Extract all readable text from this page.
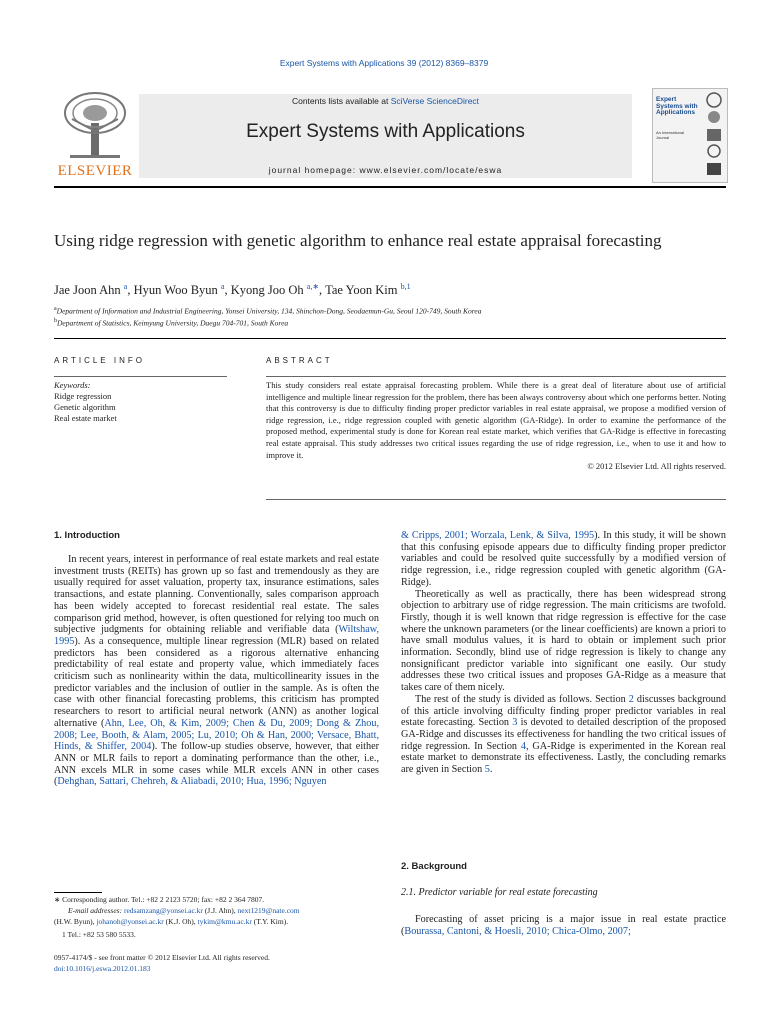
Expert Systems with Applications 39 (2012) 8369–8379
ELSEVIER
Contents lists available at SciVerse ScienceDirect
Expert Systems with Applications
journal homepage: www.elsevier.com/locate/eswa
Expert Systems with Applications
An International Journal
Using ridge regression with genetic algorithm to enhance real estate appraisal forecasting
Jae Joon Ahn $^a$, Hyun Woo Byun $^a$, Kyong Joo Oh $^{a,∗}$, Tae Yoon Kim $^{b,1}$
$^a$Department of Information and Industrial Engineering, Yonsei University, 134, Shinchon-Dong, Seodaemun-Gu, Seoul 120-749, South Korea
$^b$Department of Statistics, Keimyung University, Daegu 704-701, South Korea
ARTICLE INFO	ABSTRACT
Keywords:
Ridge regression
Genetic algorithm
Real estate market
This study considers real estate appraisal forecasting problem. While there is a great deal of literature about use of artificial intelligence and multiple linear regression for the problem, there has been always controversy about which one performs better. Noting that this controversy is due to difficulty finding proper predictor variables in real estate appraisal, we propose a modified version of ridge regression, i.e., ridge regression coupled with genetic algorithm (GA-Ridge). In order to examine the performance of the proposed method, experimental study is done for Korean real estate market, which verifies that GA-Ridge is effective in forecasting real estate appraisal. This study addresses two critical issues regarding the use of ridge regression, i.e., when to use it and how to improve it.
© 2012 Elsevier Ltd. All rights reserved.
1. Introduction

In recent years, interest in performance of real estate markets and real estate investment trusts (REITs) has grown up so fast and tremendously as they are usually required for asset valuation, property tax, insurance estimations, sales transactions, and estate planning. Conventionally, sales comparison approach has been widely accepted to forecast residential real estate. The sales comparison grid method, however, is often questioned for relying too much on subjective judgments for obtaining reliable and verifiable data (Wiltshaw, 1995). As a consequence, multiple linear regression (MLR) based on related predictors has been considered as a rigorous alternative enhancing predictability of real estate and property value, which immediately faces criticism such as nonlinearity within the data, multicollinearity issues in the predictor variables and the inclusion of outlier in the sample. As is often the case with other financial forecasting problems, this criticism has prompted researchers to resort to artificial neural network (ANN) as another logical alternative (Ahn, Lee, Oh, & Kim, 2009; Chen & Du, 2009; Dong & Zhou, 2008; Lee, Booth, & Alam, 2005; Lu, 2010; Oh & Han, 2000; Versace, Bhatt, Hinds, & Shiffer, 2004). The follow-up studies observe, however, that either ANN or MLR fails to report a dominating performance than the other, i.e., ANN excels MLR in some cases while MLR excels ANN in other cases (Dehghan, Sattari, Chehreh, & Aliabadi, 2010; Hua, 1996; Nguyen

& Cripps, 2001; Worzala, Lenk, & Silva, 1995). In this study, it will be shown that this confusing episode appears due to difficulty finding proper predictor variables and could be resolved quite successfully by a modified version of ridge regression, i.e., ridge regression coupled with genetic algorithm (GA-Ridge).

Theoretically as well as practically, there has been widespread strong objection to arbitrary use of ridge regression. The main criticisms are twofold. Firstly, though it is well known that ridge regression is effective for the case where the unknown parameters (or the linear coefficients) are known a priori to have small modulus values, it is hard to obtain or implement such prior information. Secondly, blind use of ridge regression is likely to change any nonsignificant predictor variable into significant one easily. Our study addresses these two critical issues and proposes GA-Ridge as a measure that takes care of them nicely.

The rest of the study is divided as follows. Section 2 discusses background of this article involving difficulty finding proper predictor variables in real estate forecasting. Section 3 is devoted to detailed description of the proposed GA-Ridge and discusses its effectiveness for handling the two critical issues of ridge regression. In Section 4, GA-Ridge is experimented in the Korean real estate market to demonstrate its effectiveness. Lastly, the concluding remarks are given in Section 5.

2. Background
2.1. Predictor variable for real estate forecasting

Forecasting of asset pricing is a major issue in real estate practice (Bourassa, Cantoni, & Hoesli, 2010; Chica-Olmo, 2007;

∗ Corresponding author. Tel.: +82 2 2123 5720; fax: +82 2 364 7807.
E-mail addresses: redsamzang@yonsei.ac.kr (J.J. Ahn), next1219@nate.com
(H.W. Byun), johanoh@yonsei.ac.kr (K.J. Oh), tykim@kmu.ac.kr (T.Y. Kim).
1 Tel.: +82 53 580 5533.
0957-4174/$ - see front matter © 2012 Elsevier Ltd. All rights reserved.
doi:10.1016/j.eswa.2012.01.183
